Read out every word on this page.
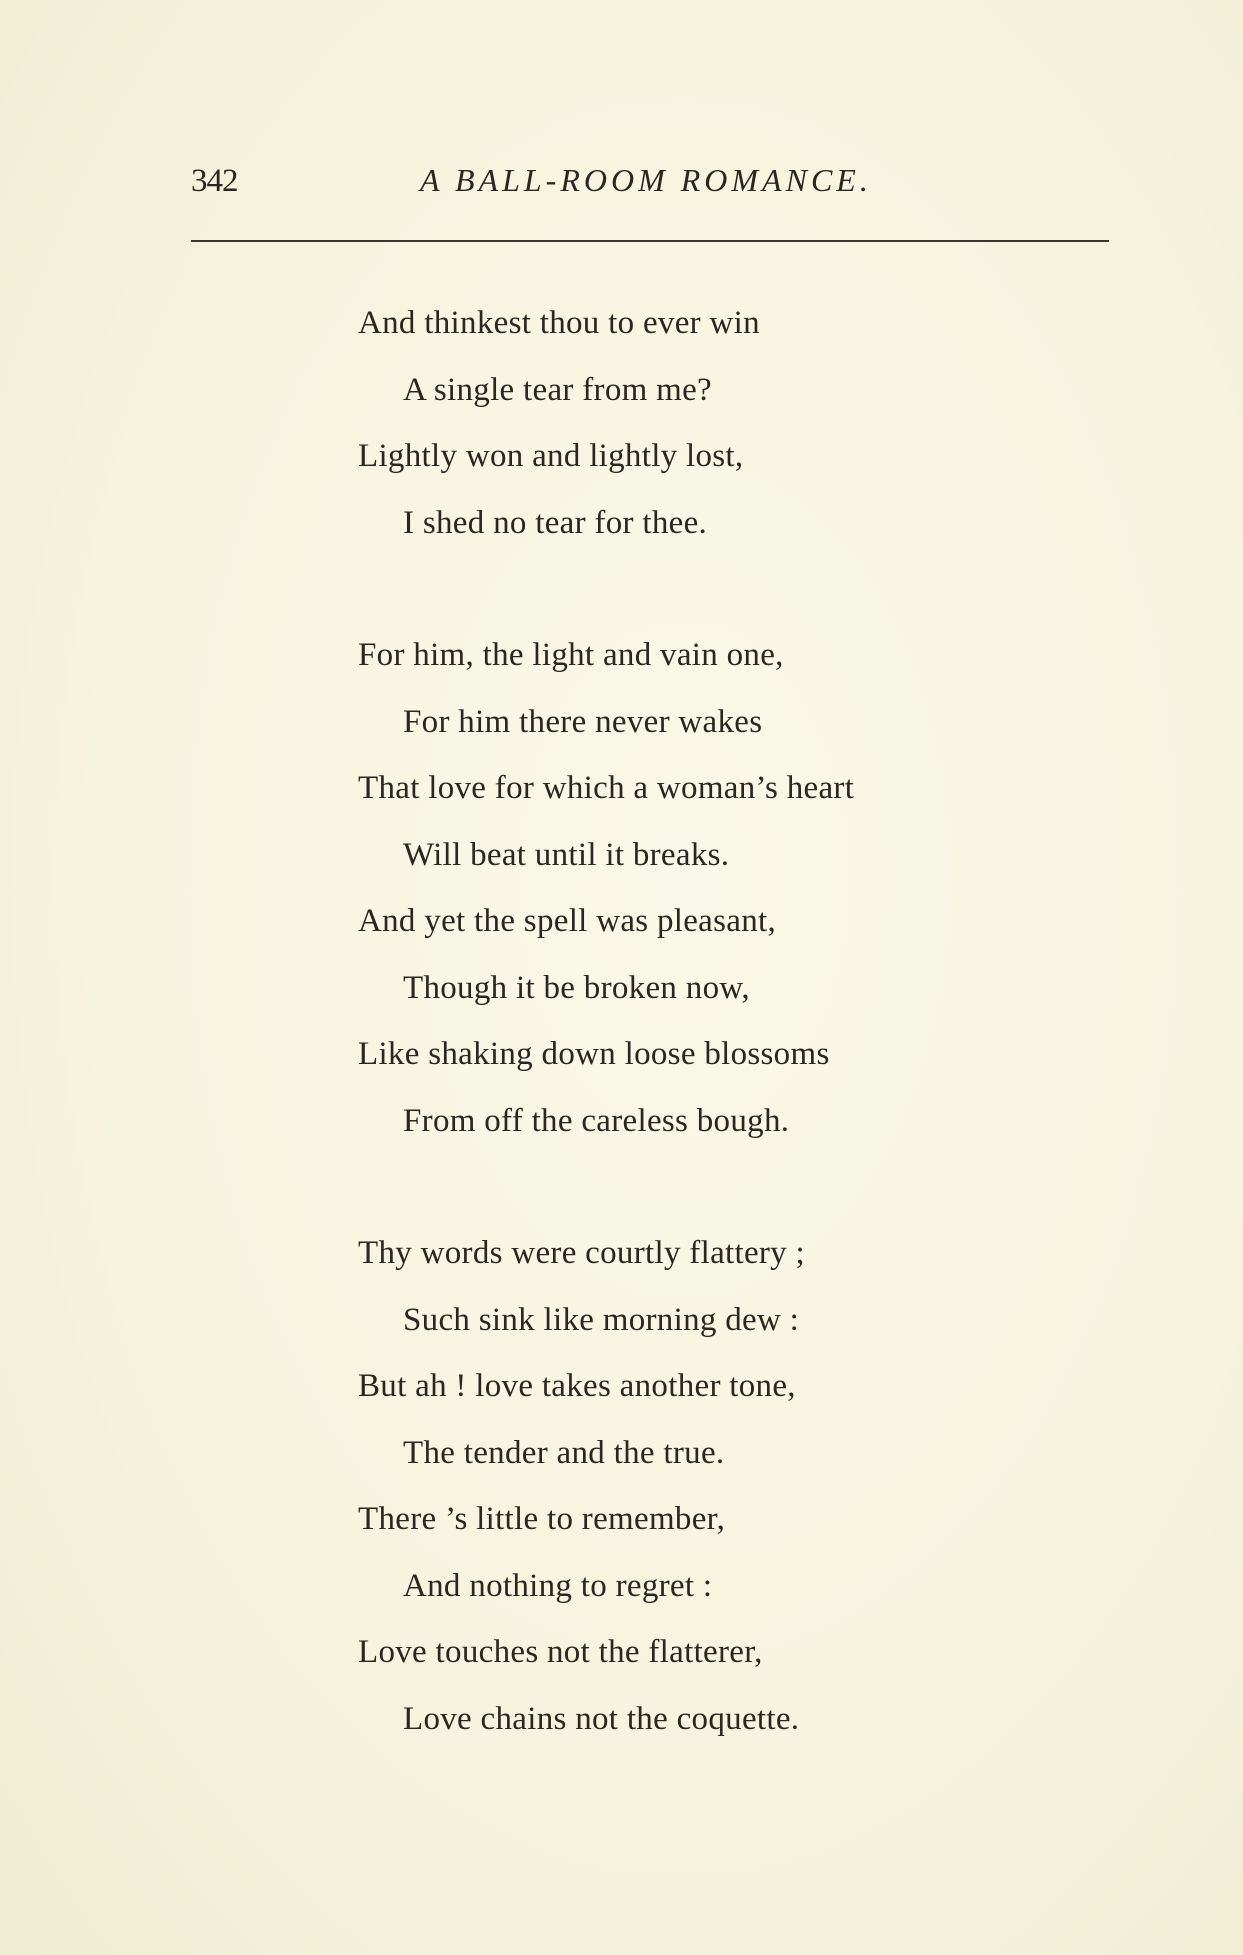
342	A BALL-ROOM ROMANCE.
And thinkest thou to ever win
A single tear from me?
Lightly won and lightly lost,
I shed no tear for thee.
For him, the light and vain one,
For him there never wakes
That love for which a woman’s heart
Will beat until it breaks.
And yet the spell was pleasant,
Though it be broken now,
Like shaking down loose blossoms
From off the careless bough.
Thy words were courtly flattery ;
Such sink like morning dew :
But ah ! love takes another tone,
The tender and the true.
There ’s little to remember,
And nothing to regret :
Love touches not the flatterer,
Love chains not the coquette.
